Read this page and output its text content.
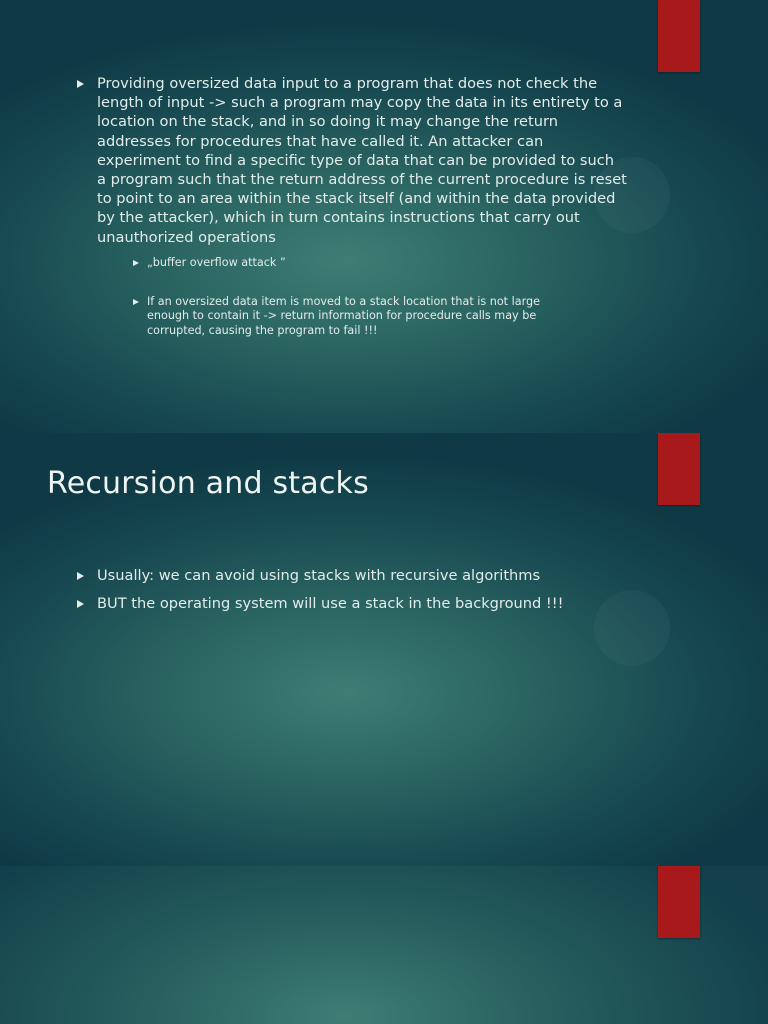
Providing oversized data input to a program that does not check the length of input -> such a program may copy the data in its entirety to a location on the stack, and in so doing it may change the return addresses for procedures that have called it. An attacker can experiment to find a specific type of data that can be provided to such a program such that the return address of the current procedure is reset to point to an area within the stack itself (and within the data provided by the attacker), which in turn contains instructions that carry out unauthorized operations
„buffer overflow attack ”
If an oversized data item is moved to a stack location that is not large enough to contain it -> return information for procedure calls may be corrupted, causing the program to fail !!!
Recursion and stacks
Usually: we can avoid using stacks with recursive algorithms
BUT the operating system will use a stack in the background !!!
